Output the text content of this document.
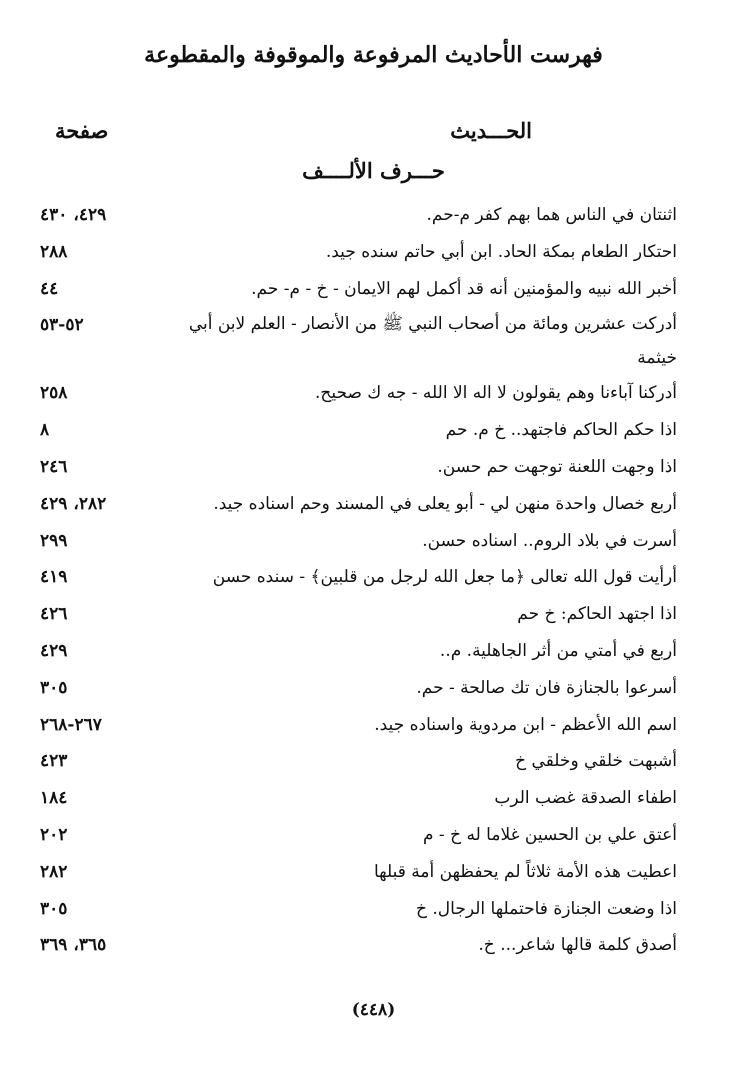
فهرست الأحاديث المرفوعة والموقوفة والمقطوعة
الحـــديث
صفحة
حـــرف الألــــف
اثنتان في الناس هما بهم كفر م-حم.
٤٢٩، ٤٣٠
احتكار الطعام بمكة الحاد. ابن أبي حاتم سنده جيد.
٢٨٨
أخبر الله نبيه والمؤمنين أنه قد أكمل لهم الايمان - خ - م- حم.
٤٤
أدركت عشرين ومائة من أصحاب النبي ﷺ من الأنصار - العلم لابن أبي خيثمة
٥٢-٥٣
أدركنا آباءنا وهم يقولون لا اله الا الله - جه ك صحيح.
٢٥٨
اذا حكم الحاكم فاجتهد.. خ م. حم
٨
اذا وجهت اللعنة توجهت حم حسن.
٢٤٦
أربع خصال واحدة منهن لي - أبو يعلى في المسند وحم اسناده جيد.
٢٨٢، ٤٢٩
أسرت في بلاد الروم.. اسناده حسن.
٢٩٩
أرأيت قول الله تعالى ﴿ما جعل الله لرجل من قلبين﴾ - سنده حسن
٤١٩
اذا اجتهد الحاكم: خ حم
٤٢٦
أربع في أمتي من أثر الجاهلية. م..
٤٢٩
أسرعوا بالجنازة فان تك صالحة - حم.
٣٠٥
اسم الله الأعظم - ابن مردوية واسناده جيد.
٢٦٧-٢٦٨
أشبهت خلقي وخلقي خ
٤٢٣
اطفاء الصدقة غضب الرب
١٨٤
أعتق علي بن الحسين غلاما له خ - م
٢٠٢
اعطيت هذه الأمة ثلاثاً لم يحفظهن أمة قبلها
٢٨٢
اذا وضعت الجنازة فاحتملها الرجال. خ
٣٠٥
أصدق كلمة قالها شاعر... خ.
٣٦٥، ٣٦٩
(٤٤٨)
